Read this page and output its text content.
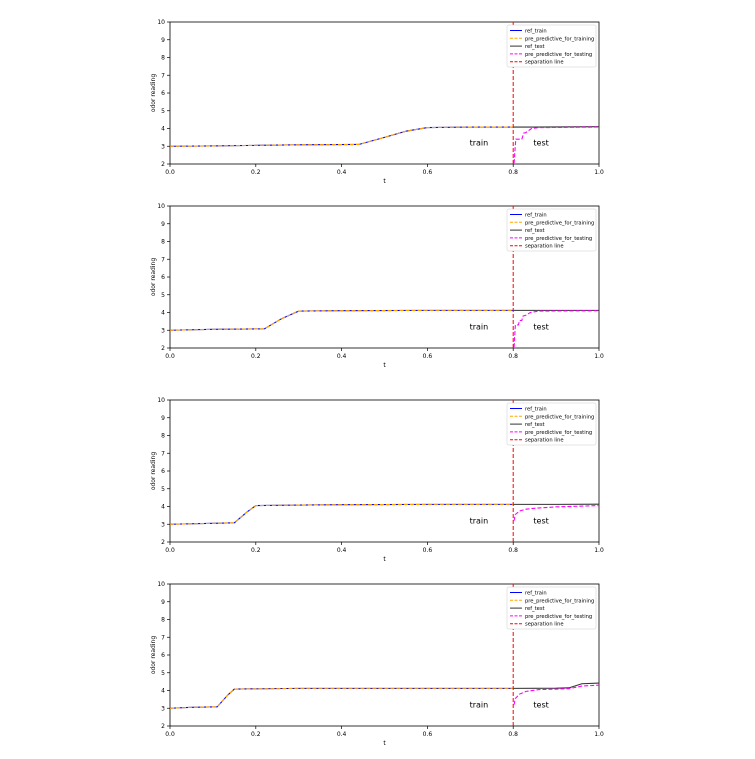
0.0	0.2	0.4	0.6	0.8	1.0
2
3
4
5
6
7
8
9
10
t
odor reading
train	test
ref_train
pre_predictive_for_training
ref_test
pre_predictive_for_testing
separation line
0.0	0.2	0.4	0.6	0.8	1.0
2
3
4
5
6
7
8
9
10
t
odor reading
train	test
ref_train
pre_predictive_for_training
ref_test
pre_predictive_for_testing
separation line
0.0	0.2	0.4	0.6	0.8	1.0
2
3
4
5
6
7
8
9
10
t
odor reading
train	test
ref_train
pre_predictive_for_training
ref_test
pre_predictive_for_testing
separation line
0.0	0.2	0.4	0.6	0.8	1.0
2
3
4
5
6
7
8
9
10
t
odor reading
train	test
ref_train
pre_predictive_for_training
ref_test
pre_predictive_for_testing
separation line
